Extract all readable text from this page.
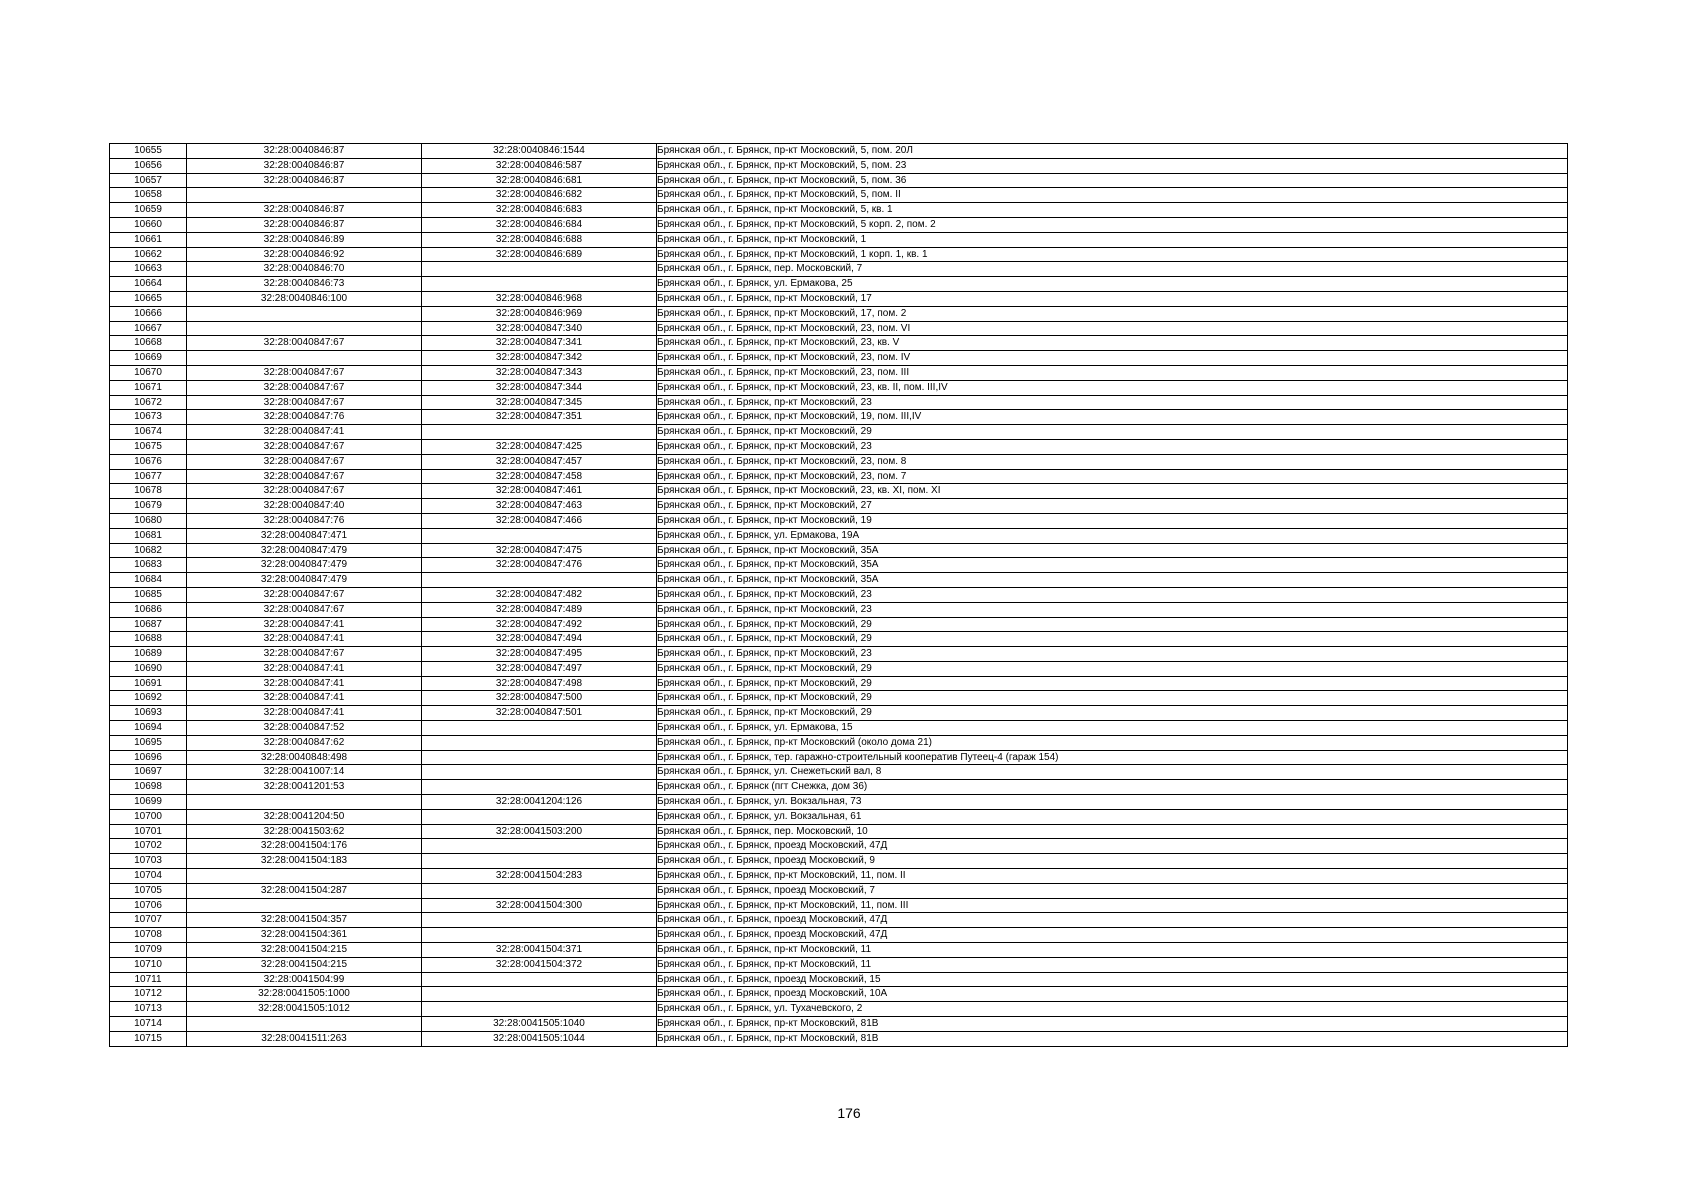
10655	32:28:0040846:87	32:28:0040846:1544	Брянская обл., г. Брянск, пр-кт Московский, 5, пом. 20Л
10656	32:28:0040846:87	32:28:0040846:587	Брянская обл., г. Брянск, пр-кт Московский, 5, пом. 23
10657	32:28:0040846:87	32:28:0040846:681	Брянская обл., г. Брянск, пр-кт Московский, 5, пом. 36
10658		32:28:0040846:682	Брянская обл., г. Брянск, пр-кт Московский, 5, пом. II
10659	32:28:0040846:87	32:28:0040846:683	Брянская обл., г. Брянск, пр-кт Московский, 5, кв. 1
10660	32:28:0040846:87	32:28:0040846:684	Брянская обл., г. Брянск, пр-кт Московский, 5 корп. 2, пом. 2
10661	32:28:0040846:89	32:28:0040846:688	Брянская обл., г. Брянск, пр-кт Московский, 1
10662	32:28:0040846:92	32:28:0040846:689	Брянская обл., г. Брянск, пр-кт Московский, 1 корп. 1, кв. 1
10663	32:28:0040846:70		Брянская обл., г. Брянск, пер. Московский, 7
10664	32:28:0040846:73		Брянская обл., г. Брянск, ул. Ермакова, 25
10665	32:28:0040846:100	32:28:0040846:968	Брянская обл., г. Брянск, пр-кт Московский, 17
10666		32:28:0040846:969	Брянская обл., г. Брянск, пр-кт Московский, 17, пом. 2
10667		32:28:0040847:340	Брянская обл., г. Брянск, пр-кт Московский, 23, пом. VI
10668	32:28:0040847:67	32:28:0040847:341	Брянская обл., г. Брянск, пр-кт Московский, 23, кв. V
10669		32:28:0040847:342	Брянская обл., г. Брянск, пр-кт Московский, 23, пом. IV
10670	32:28:0040847:67	32:28:0040847:343	Брянская обл., г. Брянск, пр-кт Московский, 23, пом. III
10671	32:28:0040847:67	32:28:0040847:344	Брянская обл., г. Брянск, пр-кт Московский, 23, кв. II, пом. III,IV
10672	32:28:0040847:67	32:28:0040847:345	Брянская обл., г. Брянск, пр-кт Московский, 23
10673	32:28:0040847:76	32:28:0040847:351	Брянская обл., г. Брянск, пр-кт Московский, 19, пом. III,IV
10674	32:28:0040847:41		Брянская обл., г. Брянск, пр-кт Московский, 29
10675	32:28:0040847:67	32:28:0040847:425	Брянская обл., г. Брянск, пр-кт Московский, 23
10676	32:28:0040847:67	32:28:0040847:457	Брянская обл., г. Брянск, пр-кт Московский, 23, пом. 8
10677	32:28:0040847:67	32:28:0040847:458	Брянская обл., г. Брянск, пр-кт Московский, 23, пом. 7
10678	32:28:0040847:67	32:28:0040847:461	Брянская обл., г. Брянск, пр-кт Московский, 23, кв. XI, пом. XI
10679	32:28:0040847:40	32:28:0040847:463	Брянская обл., г. Брянск, пр-кт Московский, 27
10680	32:28:0040847:76	32:28:0040847:466	Брянская обл., г. Брянск, пр-кт Московский, 19
10681	32:28:0040847:471		Брянская обл., г. Брянск, ул. Ермакова, 19А
10682	32:28:0040847:479	32:28:0040847:475	Брянская обл., г. Брянск, пр-кт Московский, 35А
10683	32:28:0040847:479	32:28:0040847:476	Брянская обл., г. Брянск, пр-кт Московский, 35А
10684	32:28:0040847:479		Брянская обл., г. Брянск, пр-кт Московский, 35А
10685	32:28:0040847:67	32:28:0040847:482	Брянская обл., г. Брянск, пр-кт Московский, 23
10686	32:28:0040847:67	32:28:0040847:489	Брянская обл., г. Брянск, пр-кт Московский, 23
10687	32:28:0040847:41	32:28:0040847:492	Брянская обл., г. Брянск, пр-кт Московский, 29
10688	32:28:0040847:41	32:28:0040847:494	Брянская обл., г. Брянск, пр-кт Московский, 29
10689	32:28:0040847:67	32:28:0040847:495	Брянская обл., г. Брянск, пр-кт Московский, 23
10690	32:28:0040847:41	32:28:0040847:497	Брянская обл., г. Брянск, пр-кт Московский, 29
10691	32:28:0040847:41	32:28:0040847:498	Брянская обл., г. Брянск, пр-кт Московский, 29
10692	32:28:0040847:41	32:28:0040847:500	Брянская обл., г. Брянск, пр-кт Московский, 29
10693	32:28:0040847:41	32:28:0040847:501	Брянская обл., г. Брянск, пр-кт Московский, 29
10694	32:28:0040847:52		Брянская обл., г. Брянск, ул. Ермакова, 15
10695	32:28:0040847:62		Брянская обл., г. Брянск, пр-кт Московский (около дома 21)
10696	32:28:0040848:498		Брянская обл., г. Брянск, тер. гаражно-строительный кооператив Путеец-4 (гараж 154)
10697	32:28:0041007:14		Брянская обл., г. Брянск, ул. Снежетьский вал, 8
10698	32:28:0041201:53		Брянская обл., г. Брянск (пгт Снежка, дом 36)
10699		32:28:0041204:126	Брянская обл., г. Брянск, ул. Вокзальная, 73
10700	32:28:0041204:50		Брянская обл., г. Брянск, ул. Вокзальная, 61
10701	32:28:0041503:62	32:28:0041503:200	Брянская обл., г. Брянск, пер. Московский, 10
10702	32:28:0041504:176		Брянская обл., г. Брянск, проезд Московский, 47Д
10703	32:28:0041504:183		Брянская обл., г. Брянск, проезд Московский, 9
10704		32:28:0041504:283	Брянская обл., г. Брянск, пр-кт Московский, 11, пом. II
10705	32:28:0041504:287		Брянская обл., г. Брянск, проезд Московский, 7
10706		32:28:0041504:300	Брянская обл., г. Брянск, пр-кт Московский, 11, пом. III
10707	32:28:0041504:357		Брянская обл., г. Брянск, проезд Московский, 47Д
10708	32:28:0041504:361		Брянская обл., г. Брянск, проезд Московский, 47Д
10709	32:28:0041504:215	32:28:0041504:371	Брянская обл., г. Брянск, пр-кт Московский, 11
10710	32:28:0041504:215	32:28:0041504:372	Брянская обл., г. Брянск, пр-кт Московский, 11
10711	32:28:0041504:99		Брянская обл., г. Брянск, проезд Московский, 15
10712	32:28:0041505:1000		Брянская обл., г. Брянск, проезд Московский, 10А
10713	32:28:0041505:1012		Брянская обл., г. Брянск, ул. Тухачевского, 2
10714		32:28:0041505:1040	Брянская обл., г. Брянск, пр-кт Московский, 81В
10715	32:28:0041511:263	32:28:0041505:1044	Брянская обл., г. Брянск, пр-кт Московский, 81В
176
